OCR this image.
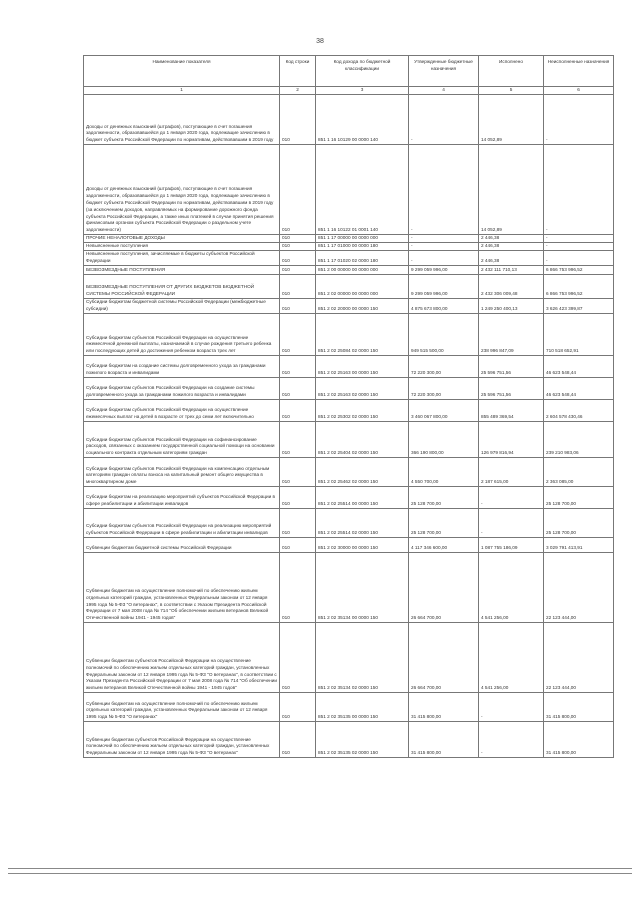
38
Наименование показателя	Код строки	Код дохода по бюджетной классификации	Утвержденные бюджетные назначения	Исполнено	Неисполненные назначения
1	2	3	4	5	6
Доходы от денежных взысканий (штрафов), поступающие в счет погашения задолженности, образовавшейся до 1 января 2020 года, подлежащие зачислению в бюджет субъекта Российской Федерации по нормативам, действовавшим в 2019 году	010	851 1 16 10129 00 0000 140	-	14 052,89	-
Доходы от денежных взысканий (штрафов), поступающие в счет погашения задолженности, образовавшейся до 1 января 2020 года, подлежащие зачислению в бюджет субъекта Российской Федерации по нормативам, действовавшим в 2019 году (за исключением доходов, направляемых на формирование дорожного фонда субъекта Российской Федерации, а также иных платежей в случае принятия решения финансовым органом субъекта Российской Федерации о раздельном учете задолженности)	010	851 1 16 10122 01 0001 140	-	14 052,89	-
ПРОЧИЕ НЕНАЛОГОВЫЕ ДОХОДЫ	010	851 1 17 00000 00 0000 000	-	2 446,38	-
Невыясненные поступления	010	851 1 17 01000 00 0000 180	-	2 446,38	-
Невыясненные поступления, зачисляемые в бюджеты субъектов Российской Федерации	010	851 1 17 01020 02 0000 180	-	2 446,38	-
БЕЗВОЗМЕЗДНЫЕ ПОСТУПЛЕНИЯ	010	851 2 00 00000 00 0000 000	9 299 059 996,00	2 432 111 710,13	6 866 753 996,52
БЕЗВОЗМЕЗДНЫЕ ПОСТУПЛЕНИЯ ОТ ДРУГИХ БЮДЖЕТОВ БЮДЖЕТНОЙ СИСТЕМЫ РОССИЙСКОЙ ФЕДЕРАЦИИ	010	851 2 02 00000 00 0000 000	9 299 059 996,00	2 432 306 009,48	6 866 753 996,52
Субсидии бюджетам бюджетной системы Российской Федерации (межбюджетные субсидии)	010	851 2 02 20000 00 0000 150	4 875 673 800,00	1 249 250 400,13	3 626 423 399,87
Субсидии бюджетам субъектов Российской Федерации на осуществление ежемесячной денежной выплаты, назначаемой в случае рождения третьего ребенка или последующих детей до достижения ребенком возраста трех лет	010	851 2 02 25084 02 0000 150	949 515 500,00	238 996 847,09	710 518 652,91
Субсидии бюджетам на создание системы долговременного ухода за гражданами пожилого возраста и инвалидами	010	851 2 02 25163 00 0000 150	72 220 300,00	25 596 751,56	46 623 548,44
Субсидии бюджетам субъектов Российской Федерации на создание системы долговременного ухода за гражданами пожилого возраста и инвалидами	010	851 2 02 25163 02 0000 150	72 220 300,00	25 596 751,56	46 623 548,44
Субсидии бюджетам субъектов Российской Федерации на осуществление ежемесячных выплат на детей в возрасте от трех до семи лет включительно	010	851 2 02 25302 02 0000 150	3 460 067 800,00	855 489 369,54	2 604 578 430,46
Субсидии бюджетам субъектов Российской Федерации на софинансирование расходов, связанных с оказанием государственной социальной помощи на основании социального контракта отдельным категориям граждан	010	851 2 02 25404 02 0000 150	366 190 800,00	126 979 816,94	239 210 983,06
Субсидии бюджетам субъектов Российской Федерации на компенсацию отдельным категориям граждан оплаты взноса на капитальный ремонт общего имущества в многоквартирном доме	010	851 2 02 25462 02 0000 150	4 550 700,00	2 187 615,00	2 363 085,00
Субсидии бюджетам на реализацию мероприятий субъектов Российской Федерации в сфере реабилитации и абилитации инвалидов	010	851 2 02 25514 00 0000 150	25 128 700,00	-	25 128 700,00
Субсидии бюджетам субъектов Российской Федерации на реализацию мероприятий субъектов Российской Федерации в сфере реабилитации и абилитации инвалидов	010	851 2 02 25514 02 0000 150	25 128 700,00	-	25 128 700,00
Субвенции бюджетам бюджетной системы Российской Федерации	010	851 2 02 30000 00 0000 150	4 117 346 600,00	1 087 755 186,09	3 029 791 413,91
Субвенции бюджетам на осуществление полномочий по обеспечению жильем отдельных категорий граждан, установленных Федеральным законом от 12 января 1995 года № 5-ФЗ "О ветеранах", в соответствии с Указом Президента Российской Федерации от 7 мая 2008 года № 714 "Об обеспечении жильем ветеранов Великой Отечественной войны 1941 - 1945 годов"	010	851 2 02 35134 00 0000 150	26 664 700,00	4 541 256,00	22 123 444,00
Субвенции бюджетам субъектов Российской Федерации на осуществление полномочий по обеспечению жильем отдельных категорий граждан, установленных Федеральным законом от 12 января 1995 года № 5-ФЗ "О ветеранах", в соответствии с Указом Президента Российской Федерации от 7 мая 2008 года № 714 "Об обеспечении жильем ветеранов Великой Отечественной войны 1941 - 1945 годов"	010	851 2 02 35134 02 0000 150	26 664 700,00	4 541 256,00	22 123 444,00
Субвенции бюджетам на осуществление полномочий по обеспечению жильем отдельных категорий граждан, установленных Федеральным законом от 12 января 1995 года № 5-ФЗ "О ветеранах"	010	851 2 02 35135 00 0000 150	31 415 800,00	-	31 415 800,00
Субвенции бюджетам субъектов Российской Федерации на осуществление полномочий по обеспечению жильем отдельных категорий граждан, установленных Федеральным законом от 12 января 1995 года № 5-ФЗ "О ветеранах"	010	851 2 02 35135 02 0000 150	31 415 800,00	-	31 415 800,00
